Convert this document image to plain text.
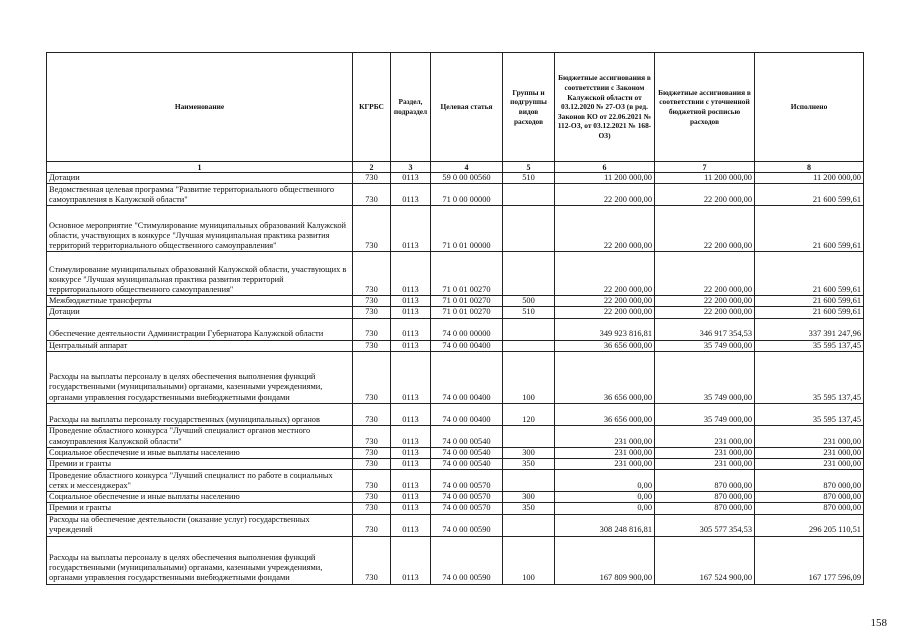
Наименование	КГРБС	Раздел, подраздел	Целевая статья	Группы и подгруппы видов расходов	Бюджетные ассигнования в соответствии с Законом Калужской области от 03.12.2020 № 27-ОЗ (в ред. Законов КО от 22.06.2021 № 112-ОЗ, от 03.12.2021 № 168-ОЗ)	Бюджетные ассигнования в соответствии с уточненной бюджетной росписью расходов	Исполнено
1	2	3	4	5	6	7	8
Дотации	730	0113	59 0 00 00560	510	11 200 000,00	11 200 000,00	11 200 000,00
Ведомственная целевая программа "Развитие территориального общественного самоуправления в Калужской области"	730	0113	71 0 00 00000		22 200 000,00	22 200 000,00	21 600 599,61
Основное мероприятие "Стимулирование муниципальных образований Калужской области, участвующих в конкурсе "Лучшая муниципальная практика развития территорий территориального общественного самоуправления"	730	0113	71 0 01 00000		22 200 000,00	22 200 000,00	21 600 599,61
Стимулирование муниципальных образований Калужской области, участвующих в конкурсе "Лучшая муниципальная практика развития территорий территориального общественного самоуправления"	730	0113	71 0 01 00270		22 200 000,00	22 200 000,00	21 600 599,61
Межбюджетные трансферты	730	0113	71 0 01 00270	500	22 200 000,00	22 200 000,00	21 600 599,61
Дотации	730	0113	71 0 01 00270	510	22 200 000,00	22 200 000,00	21 600 599,61
Обеспечение деятельности Администрации Губернатора Калужской области	730	0113	74 0 00 00000		349 923 816,81	346 917 354,53	337 391 247,96
Центральный аппарат	730	0113	74 0 00 00400		36 656 000,00	35 749 000,00	35 595 137,45
Расходы на выплаты персоналу в целях обеспечения выполнения функций государственными (муниципальными) органами, казенными учреждениями, органами управления государственными внебюджетными фондами	730	0113	74 0 00 00400	100	36 656 000,00	35 749 000,00	35 595 137,45
Расходы на выплаты персоналу государственных (муниципальных) органов	730	0113	74 0 00 00400	120	36 656 000,00	35 749 000,00	35 595 137,45
Проведение областного конкурса "Лучший специалист органов местного самоуправления Калужской области"	730	0113	74 0 00 00540		231 000,00	231 000,00	231 000,00
Социальное обеспечение и иные выплаты населению	730	0113	74 0 00 00540	300	231 000,00	231 000,00	231 000,00
Премии и гранты	730	0113	74 0 00 00540	350	231 000,00	231 000,00	231 000,00
Проведение областного конкурса "Лучший специалист по работе в социальных сетях и мессенджерах"	730	0113	74 0 00 00570		0,00	870 000,00	870 000,00
Социальное обеспечение и иные выплаты населению	730	0113	74 0 00 00570	300	0,00	870 000,00	870 000,00
Премии и гранты	730	0113	74 0 00 00570	350	0,00	870 000,00	870 000,00
Расходы на обеспечение деятельности (оказание услуг) государственных учреждений	730	0113	74 0 00 00590		308 248 816,81	305 577 354,53	296 205 110,51
Расходы на выплаты персоналу в целях обеспечения выполнения функций государственными (муниципальными) органами, казенными учреждениями, органами управления государственными внебюджетными фондами	730	0113	74 0 00 00590	100	167 809 900,00	167 524 900,00	167 177 596,09
158
